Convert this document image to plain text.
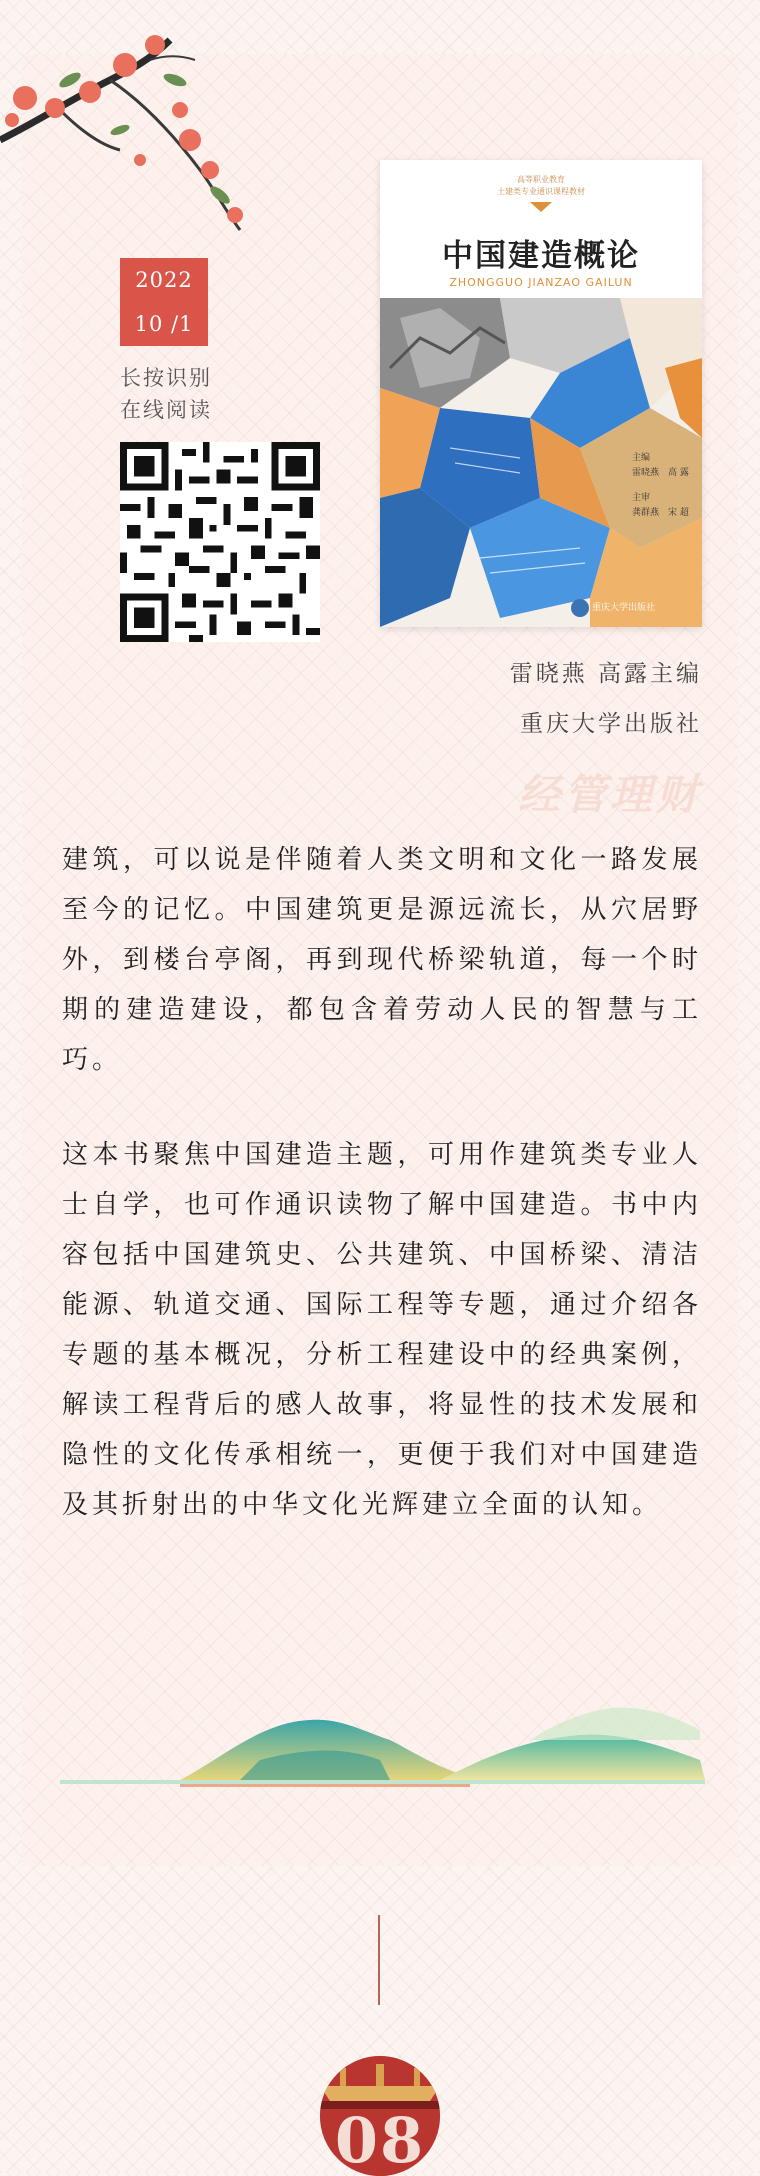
2022
10 /1
长按识别
在线阅读
高等职业教育
土建类专业通识课程教材
中国建造概论
ZHONGGUO JIANZAO GAILUN
主编
雷晓燕　高 露
主审
龚群燕　宋 超
重庆大学出版社
雷晓燕 高露主编
重庆大学出版社
经管理财

建筑，可以说是伴随着人类文明和文化一路发展至今的记忆。中国建筑更是源远流长，从穴居野外，到楼台亭阁，再到现代桥梁轨道，每一个时期的建造建设，都包含着劳动人民的智慧与工巧。

这本书聚焦中国建造主题，可用作建筑类专业人士自学，也可作通识读物了解中国建造。书中内容包括中国建筑史、公共建筑、中国桥梁、清洁能源、轨道交通、国际工程等专题，通过介绍各专题的基本概况，分析工程建设中的经典案例，解读工程背后的感人故事，将显性的技术发展和隐性的文化传承相统一，更便于我们对中国建造及其折射出的中华文化光辉建立全面的认知。

08
